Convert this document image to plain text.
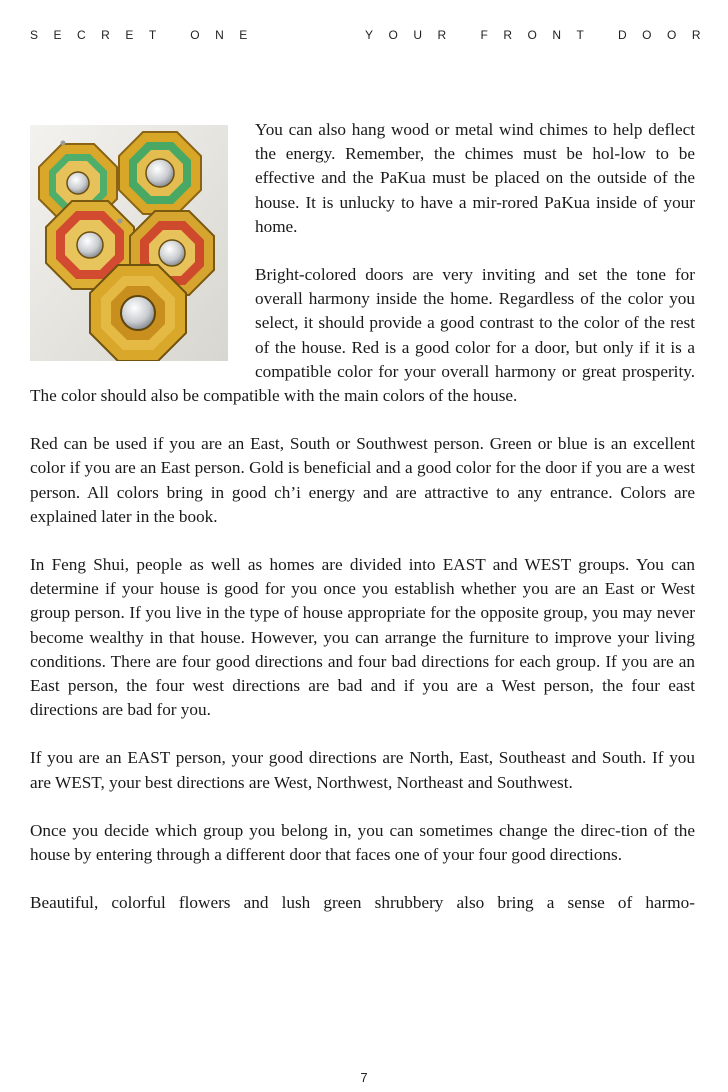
SECRET ONE	YOUR FRONT DOOR

You can also hang wood or metal wind chimes to help deflect the energy. Remember, the chimes must be hol-low to be effective and the PaKua must be placed on the outside of the house. It is unlucky to have a mir-rored PaKua inside of your home.

Bright-colored doors are very inviting and set the tone for overall harmony inside the home. Regardless of the color you select, it should provide a good contrast to the color of the rest of the house. Red is a good color for a door, but only if it is a compatible color for your overall harmony or great prosperity. The color should also be compatible with the main colors of the house.

Red can be used if you are an East, South or Southwest person. Green or blue is an excellent color if you are an East person. Gold is beneficial and a good color for the door if you are a west person. All colors bring in good ch’i energy and are attractive to any entrance. Colors are explained later in the book.

In Feng Shui, people as well as homes are divided into EAST and WEST groups. You can determine if your house is good for you once you establish whether you are an East or West group person. If you live in the type of house appropriate for the opposite group, you may never become wealthy in that house. However, you can arrange the furniture to improve your living conditions. There are four good directions and four bad directions for each group. If you are an East person, the four west directions are bad and if you are a West person, the four east directions are bad for you.

If you are an EAST person, your good directions are North, East, Southeast and South. If you are WEST, your best directions are West, Northwest, Northeast and Southwest.

Once you decide which group you belong in, you can sometimes change the direc-tion of the house by entering through a different door that faces one of your four good directions.

Beautiful, colorful flowers and lush green shrubbery also bring a sense of harmo-

7
